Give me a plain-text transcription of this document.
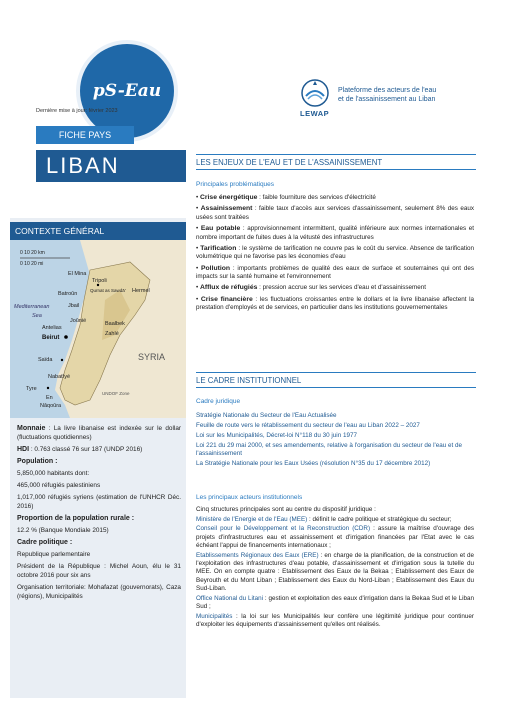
pS-Eau
Dernière mise à jour: février 2023
Plateforme des acteurs de l'eau
et de l'assainissement au Liban
LEWAP
FICHE PAYS
LIBAN
CONTEXTE GÉNÉRAL
0 10 20 km
0 10 20 mi
El Mina
Tripoli
Batroûn
Qurnat as Sawdā' Hermel
Jbail
Mediterranean
Sea
Joûnié
Antelias
Baalbek
Beirut
Zahlé
SYRIA
Saïda
Nabatîyé
Tyre
En
Nâqoûra
UNDOF Zone

Monnaie : La livre libanaise est indexée sur le dollar (fluctuations quotidiennes)

HDI : 0.763 classé 76 sur 187 (UNDP 2016)

Population :

5,850,000 habitants dont:

465,000 réfugiés palestiniens

1,017,000 réfugiés syriens (estimation de l'UNHCR Déc. 2016)

Proportion de la population rurale :

12.2 % (Banque Mondiale 2015)

Cadre politique :

Republique parlementaire

Président de la République : Michel Aoun, élu le 31 octobre 2016 pour six ans

Organisation territoriale: Mohafazat (gouvernorats), Caza (régions), Municipalités

LES ENJEUX DE L'EAU ET DE L'ASSAINISSEMENT
Principales problématiques
• Crise énergétique : faible fourniture des services d'électricité
• Assainissement : faible taux d'accès aux services d'assainissement, seulement 8% des eaux usées sont traitées
• Eau potable : approvisionnement intermittent, qualité inférieure aux normes internationales et nombre important de fuites dues à la vétusté des infrastructures
• Tarification : le système de tarification ne couvre pas le coût du service. Absence de tarification volumétrique qui ne favorise pas les économies d'eau
• Pollution : importants problèmes de qualité des eaux de surface et souterraines qui ont des impacts sur la santé humaine et l'environnement
• Afflux de réfugiés : pression accrue sur les services d'eau et d'assainissement
• Crise financière : les fluctuations croissantes entre le dollars et la livre libanaise affectent la prestation d'employés et de services, en particulier dans les institutions gouvernementales
LE CADRE INSTITUTIONNEL
Cadre juridique

Stratégie Nationale du Secteur de l'Eau Actualisée

Feuille de route vers le rétablissement du secteur de l'eau au Liban 2022 – 2027

Loi sur les Municipalités, Décret-loi N°118 du 30 juin 1977

Loi 221 du 29 mai 2000, et ses amendements, relative à l'organisation du secteur de l'eau et de l'assainissement

La Stratégie Nationale pour les Eaux Usées (résolution N°35 du 17 décembre 2012)

Les principaux acteurs institutionnels

Cinq structures principales sont au centre du dispositif juridique :

Ministère de l'Energie et de l'Eau (MEE) : définit le cadre politique et stratégique du secteur;

Conseil pour le Développement et la Reconstruction (CDR) : assure la maîtrise d'ouvrage des projets d'infrastructures eau et assainissement et d'irrigation financées par l'Etat avec le cas échéant l'appui de financements internationaux ;

Etablissements Régionaux des Eaux (ERE) : en charge de la planification, de la construction et de l'exploitation des infrastructures d'eau potable, d'assainissement et d'irrigation sous la tutelle du MEE. On en compte quatre : Etablissement des Eaux de la Bekaa ; Etablissement des Eaux de Beyrouth et du Mont Liban ; Etablissement des Eaux du Nord-Liban ; Etablissement des Eaux du Sud-Liban.

Office National du Litani : gestion et exploitation des eaux d'irrigation dans la Bekaa Sud et le Liban Sud ;

Municipalités : la loi sur les Municipalités leur confère une légitimité juridique pour continuer d'exploiter les équipements d'assainissement qu'elles ont réalisés.
